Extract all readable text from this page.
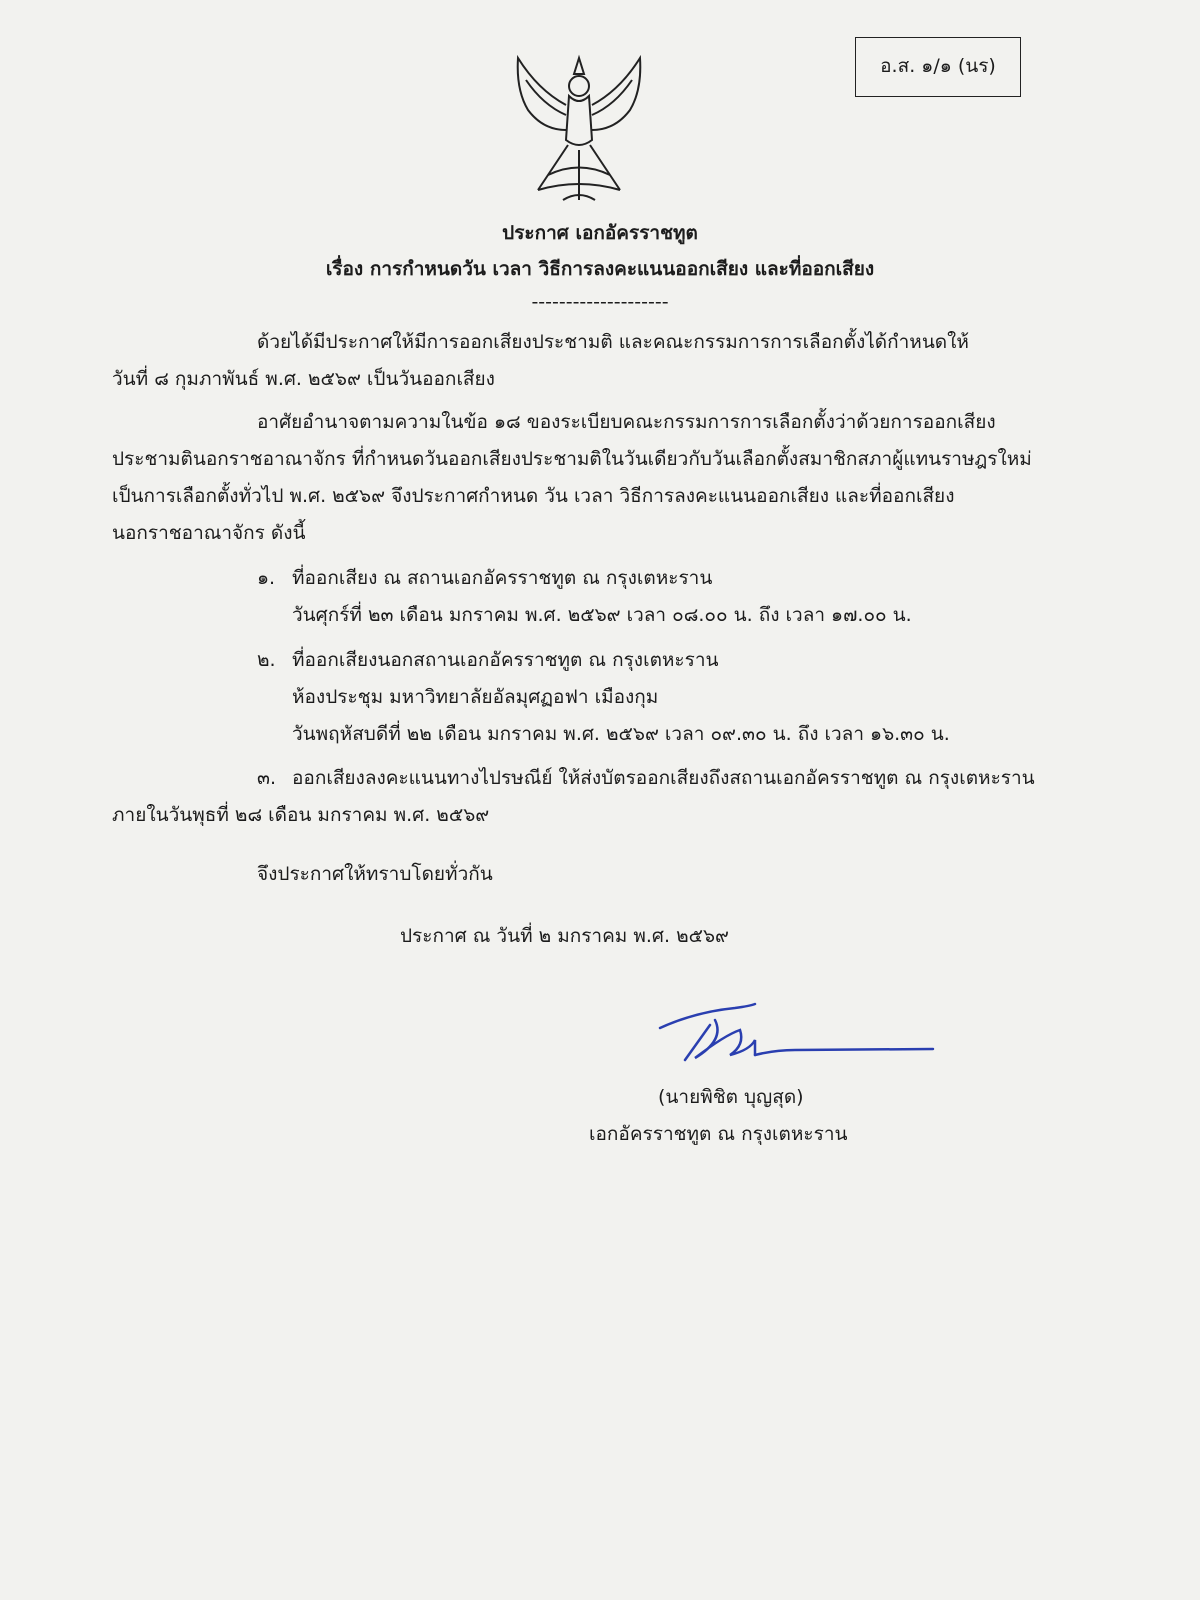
อ.ส. ๑/๑ (นร)
ประกาศ เอกอัครราชทูต
เรื่อง การกำหนดวัน เวลา วิธีการลงคะแนนออกเสียง และที่ออกเสียง
--------------------
ด้วยได้มีประกาศให้มีการออกเสียงประชามติ และคณะกรรมการการเลือกตั้งได้กำหนดให้
วันที่ ๘ กุมภาพันธ์ พ.ศ. ๒๕๖๙ เป็นวันออกเสียง
อาศัยอำนาจตามความในข้อ ๑๘ ของระเบียบคณะกรรมการการเลือกตั้งว่าด้วยการออกเสียง
ประชามตินอกราชอาณาจักร ที่กำหนดวันออกเสียงประชามติในวันเดียวกับวันเลือกตั้งสมาชิกสภาผู้แทนราษฎรใหม่
เป็นการเลือกตั้งทั่วไป พ.ศ. ๒๕๖๙ จึงประกาศกำหนด วัน เวลา วิธีการลงคะแนนออกเสียง และที่ออกเสียง
นอกราชอาณาจักร ดังนี้
๑. ที่ออกเสียง ณ สถานเอกอัครราชทูต ณ กรุงเตหะราน
วันศุกร์ที่ ๒๓ เดือน มกราคม พ.ศ. ๒๕๖๙ เวลา ๐๘.๐๐ น. ถึง เวลา ๑๗.๐๐ น.
๒. ที่ออกเสียงนอกสถานเอกอัครราชทูต ณ กรุงเตหะราน
ห้องประชุม มหาวิทยาลัยอัลมุศฏอฟา เมืองกุม
วันพฤหัสบดีที่ ๒๒ เดือน มกราคม พ.ศ. ๒๕๖๙ เวลา ๐๙.๓๐ น. ถึง เวลา ๑๖.๓๐ น.
๓. ออกเสียงลงคะแนนทางไปรษณีย์ ให้ส่งบัตรออกเสียงถึงสถานเอกอัครราชทูต ณ กรุงเตหะราน
ภายในวันพุธที่ ๒๘ เดือน มกราคม พ.ศ. ๒๕๖๙
จึงประกาศให้ทราบโดยทั่วกัน
ประกาศ ณ วันที่ ๒ มกราคม พ.ศ. ๒๕๖๙
(นายพิชิต บุญสุด)
เอกอัครราชทูต ณ กรุงเตหะราน
